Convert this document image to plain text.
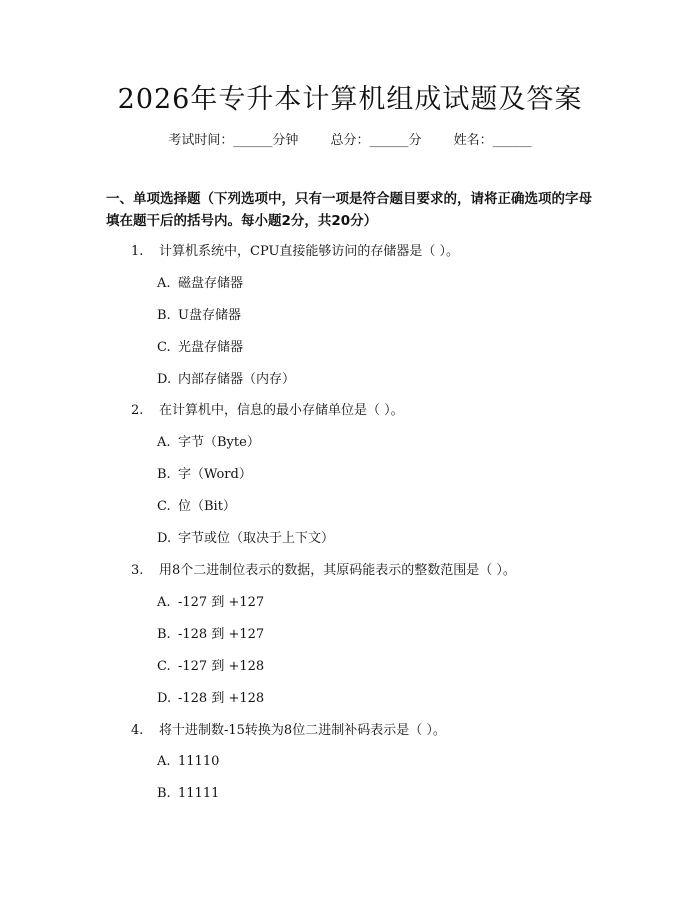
2026年专升本计算机组成试题及答案
考试时间：______分钟 总分：______分 姓名：______
一、单项选择题（下列选项中，只有一项是符合题目要求的，请将正确选项的字母填在题干后的括号内。每小题2分，共20分）
1. 计算机系统中，CPU直接能够访问的存储器是（ ）。
A. 磁盘存储器
B. U盘存储器
C. 光盘存储器
D. 内部存储器（内存）
2. 在计算机中，信息的最小存储单位是（ ）。
A. 字节（Byte）
B. 字（Word）
C. 位（Bit）
D. 字节或位（取决于上下文）
3. 用8个二进制位表示的数据，其原码能表示的整数范围是（ ）。
A. -127 到 +127
B. -128 到 +127
C. -127 到 +128
D. -128 到 +128
4. 将十进制数-15转换为8位二进制补码表示是（ ）。
A. 11110
B. 11111
